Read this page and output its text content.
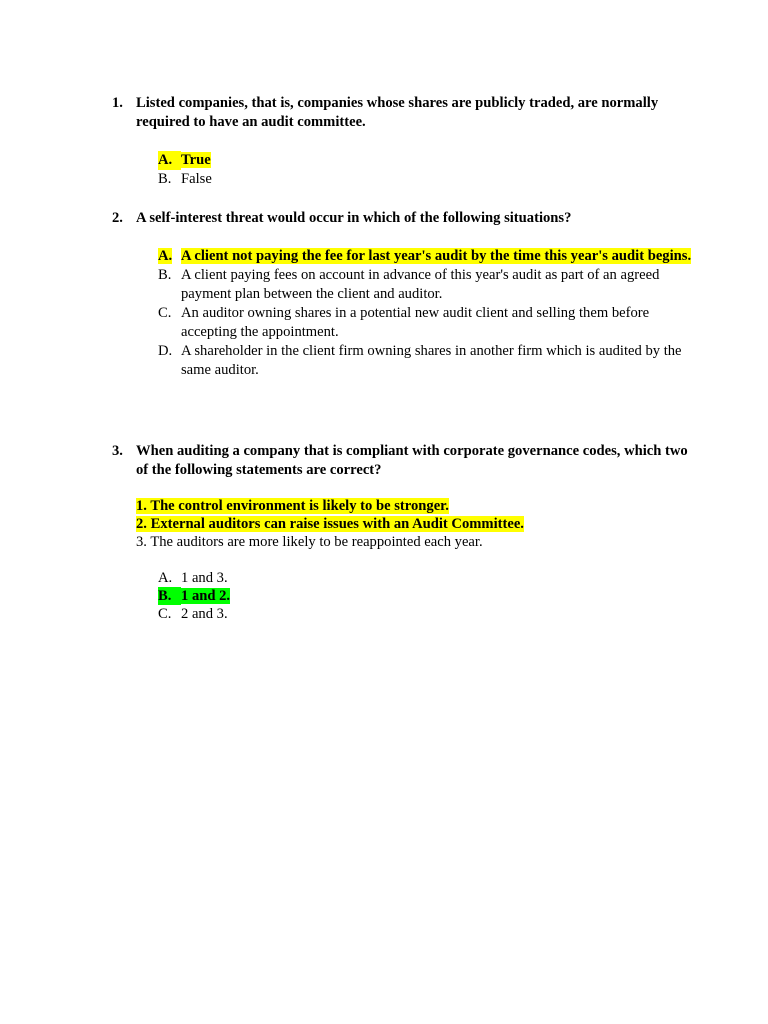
1. Listed companies, that is, companies whose shares are publicly traded, are normally required to have an audit committee.
A. True
B. False
2. A self-interest threat would occur in which of the following situations?
A. A client not paying the fee for last year's audit by the time this year's audit begins.
B. A client paying fees on account in advance of this year's audit as part of an agreed payment plan between the client and auditor.
C. An auditor owning shares in a potential new audit client and selling them before accepting the appointment.
D. A shareholder in the client firm owning shares in another firm which is audited by the same auditor.
3. When auditing a company that is compliant with corporate governance codes, which two of the following statements are correct?
1. The control environment is likely to be stronger.
2. External auditors can raise issues with an Audit Committee.
3. The auditors are more likely to be reappointed each year.
A. 1 and 3.
B. 1 and 2.
C. 2 and 3.
